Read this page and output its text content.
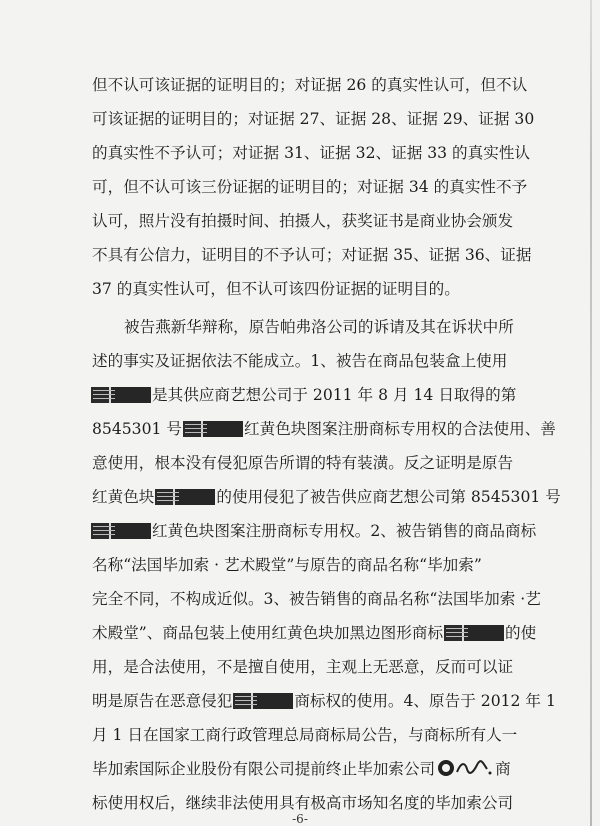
但不认可该证据的证明目的；对证据 26 的真实性认可，但不认
可该证据的证明目的；对证据 27、证据 28、证据 29、证据 30
的真实性不予认可；对证据 31、证据 32、证据 33 的真实性认
可，但不认可该三份证据的证明目的；对证据 34 的真实性不予
认可，照片没有拍摄时间、拍摄人，获奖证书是商业协会颁发
不具有公信力，证明目的不予认可；对证据 35、证据 36、证据
37 的真实性认可，但不认可该四份证据的证明目的。
被告燕新华辩称，原告帕弗洛公司的诉请及其在诉状中所
述的事实及证据依法不能成立。1、被告在商品包装盒上使用
是其供应商艺想公司于 2011 年 8 月 14 日取得的第
8545301 号	红黄色块图案注册商标专用权的合法使用、善
意使用，根本没有侵犯原告所谓的特有装潢。反之证明是原告
红黄色块	的使用侵犯了被告供应商艺想公司第 8545301 号
红黄色块图案注册商标专用权。2、被告销售的商品商标
名称“法国毕加索 · 艺术殿堂”与原告的商品名称“毕加索”
完全不同，不构成近似。3、被告销售的商品名称“法国毕加索 ·艺
术殿堂”、商品包装上使用红黄色块加黑边图形商标	的使
用，是合法使用，不是擅自使用，主观上无恶意，反而可以证
明是原告在恶意侵犯	商标权的使用。4、原告于 2012 年 1
月 1 日在国家工商行政管理总局商标局公告，与商标所有人一
毕加索国际企业股份有限公司提前终止毕加索公司	商
标使用权后，继续非法使用具有极高市场知名度的毕加索公司
-6-
